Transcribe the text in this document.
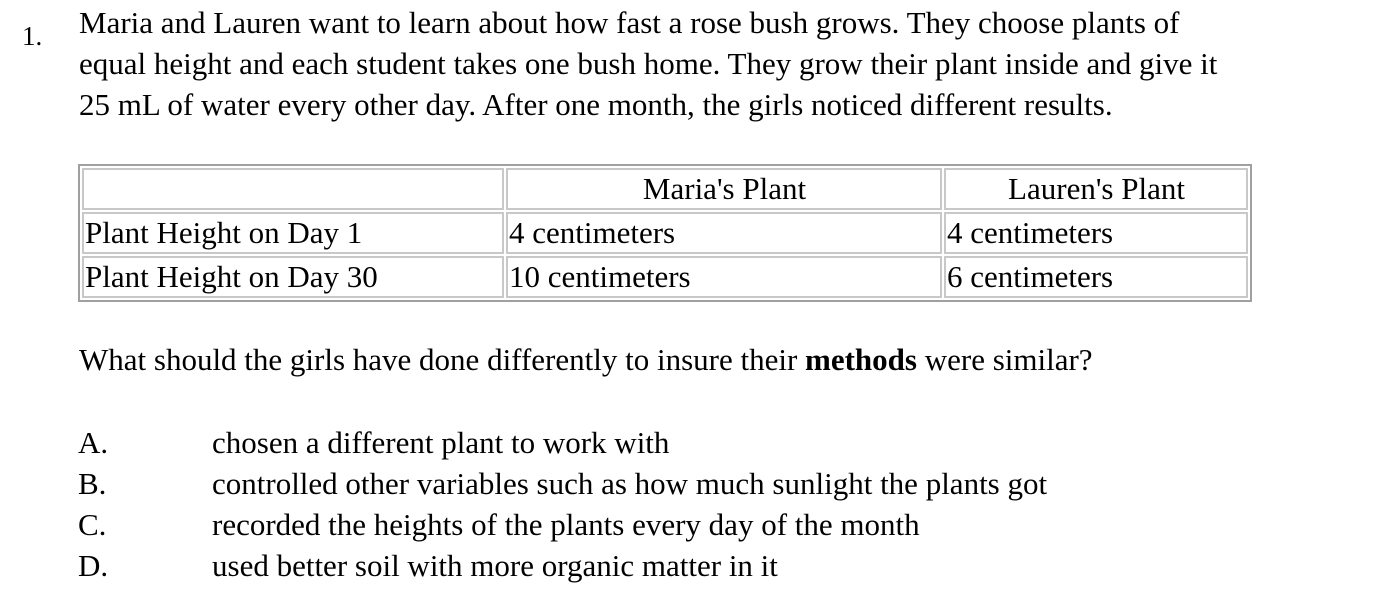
1. Maria and Lauren want to learn about how fast a rose bush grows. They choose plants of
equal height and each student takes one bush home. They grow their plant inside and give it
25 mL of water every other day. After one month, the girls noticed different results.
	Maria's Plant	Lauren's Plant
Plant Height on Day 1	4 centimeters	4 centimeters
Plant Height on Day 30	10 centimeters	6 centimeters
What should the girls have done differently to insure their methods were similar?
A.	chosen a different plant to work with
B.	controlled other variables such as how much sunlight the plants got
C.	recorded the heights of the plants every day of the month
D.	used better soil with more organic matter in it
